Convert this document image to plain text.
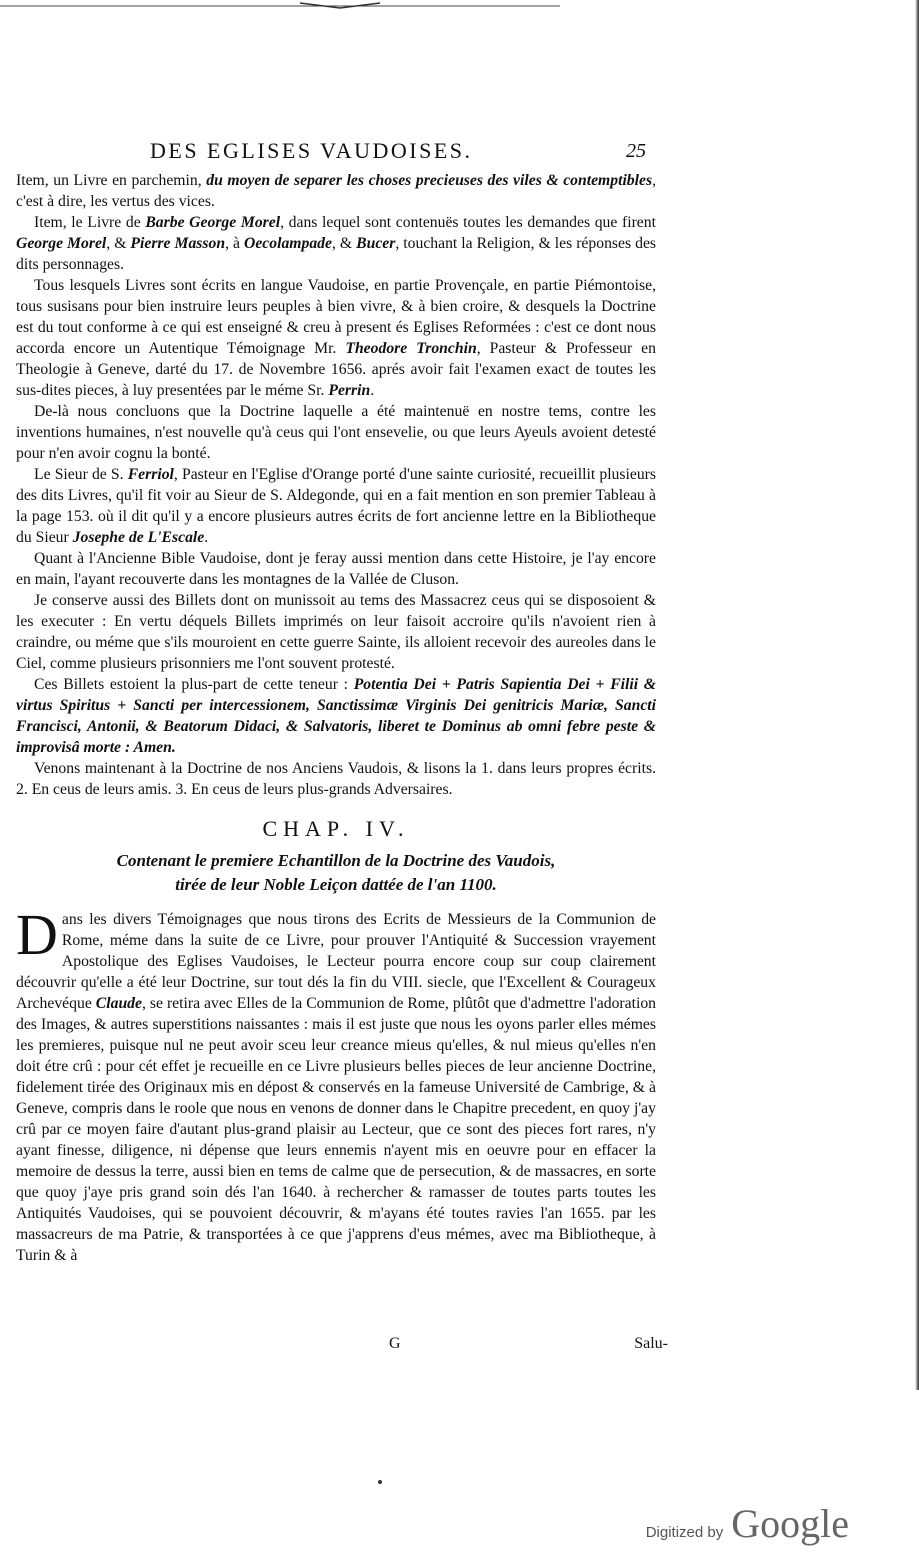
DES EGLISES VAUDOISES.	25

Item, un Livre en parchemin, du moyen de separer les choses precieuses des viles & contemptibles, c'est à dire, les vertus des vices.

Item, le Livre de Barbe George Morel, dans lequel sont contenuës toutes les demandes que firent George Morel, & Pierre Masson, à Oecolampade, & Bucer, touchant la Religion, & les réponses des dits personnages.

Tous lesquels Livres sont écrits en langue Vaudoise, en partie Provençale, en partie Piémontoise, tous susisans pour bien instruire leurs peuples à bien vivre, & à bien croire, & desquels la Doctrine est du tout conforme à ce qui est enseigné & creu à present és Eglises Reformées : c'est ce dont nous accorda encore un Autentique Témoignage Mr. Theodore Tronchin, Pasteur & Professeur en Theologie à Geneve, darté du 17. de Novembre 1656. aprés avoir fait l'examen exact de toutes les sus-dites pieces, à luy presentées par le méme Sr. Perrin.

De-là nous concluons que la Doctrine laquelle a été maintenuë en nostre tems, contre les inventions humaines, n'est nouvelle qu'à ceus qui l'ont ensevelie, ou que leurs Ayeuls avoient detesté pour n'en avoir cognu la bonté.

Le Sieur de S. Ferriol, Pasteur en l'Eglise d'Orange porté d'une sainte curiosité, recueillit plusieurs des dits Livres, qu'il fit voir au Sieur de S. Aldegonde, qui en a fait mention en son premier Tableau à la page 153. où il dit qu'il y a encore plusieurs autres écrits de fort ancienne lettre en la Bibliotheque du Sieur Josephe de L'Escale.

Quant à l'Ancienne Bible Vaudoise, dont je feray aussi mention dans cette Histoire, je l'ay encore en main, l'ayant recouverte dans les montagnes de la Vallée de Cluson.

Je conserve aussi des Billets dont on munissoit au tems des Massacrez ceus qui se disposoient & les executer : En vertu déquels Billets imprimés on leur faisoit accroire qu'ils n'avoient rien à craindre, ou méme que s'ils mouroient en cette guerre Sainte, ils alloient recevoir des aureoles dans le Ciel, comme plusieurs prisonniers me l'ont souvent protesté.

Ces Billets estoient la plus-part de cette teneur : Potentia Dei + Patris Sapientia Dei + Filii & virtus Spiritus + Sancti per intercessionem, Sanctissimæ Virginis Dei genitricis Mariæ, Sancti Francisci, Antonii, & Beatorum Didaci, & Salvatoris, liberet te Dominus ab omni febre peste & improvisâ morte : Amen.

Venons maintenant à la Doctrine de nos Anciens Vaudois, & lisons la 1. dans leurs propres écrits. 2. En ceus de leurs amis. 3. En ceus de leurs plus-grands Adversaires.

CHAP. IV.
Contenant le premiere Echantillon de la Doctrine des Vaudois,
tirée de leur Noble Leiçon dattée de l'an 1100.

Dans les divers Témoignages que nous tirons des Ecrits de Messieurs de la Communion de Rome, méme dans la suite de ce Livre, pour prouver l'Antiquité & Succession vrayement Apostolique des Eglises Vaudoises, le Lecteur pourra encore coup sur coup clairement découvrir qu'elle a été leur Doctrine, sur tout dés la fin du VIII. siecle, que l'Excellent & Courageux Archevéque Claude, se retira avec Elles de la Communion de Rome, plûtôt que d'admettre l'adoration des Images, & autres superstitions naissantes : mais il est juste que nous les oyons parler elles mémes les premieres, puisque nul ne peut avoir sceu leur creance mieus qu'elles, & nul mieus qu'elles n'en doit étre crû : pour cét effet je recueille en ce Livre plusieurs belles pieces de leur ancienne Doctrine, fidelement tirée des Originaux mis en dépost & conservés en la fameuse Université de Cambrige, & à Geneve, compris dans le roole que nous en venons de donner dans le Chapitre precedent, en quoy j'ay crû par ce moyen faire d'autant plus-grand plaisir au Lecteur, que ce sont des pieces fort rares, n'y ayant finesse, diligence, ni dépense que leurs ennemis n'ayent mis en oeuvre pour en effacer la memoire de dessus la terre, aussi bien en tems de calme que de persecution, & de massacres, en sorte que quoy j'aye pris grand soin dés l'an 1640. à rechercher & ramasser de toutes parts toutes les Antiquités Vaudoises, qui se pouvoient découvrir, & m'ayans été toutes ravies l'an 1655. par les massacreurs de ma Patrie, & transportées à ce que j'apprens d'eus mémes, avec ma Bibliotheque, à Turin & à

G	Salu-
Digitized by Google
